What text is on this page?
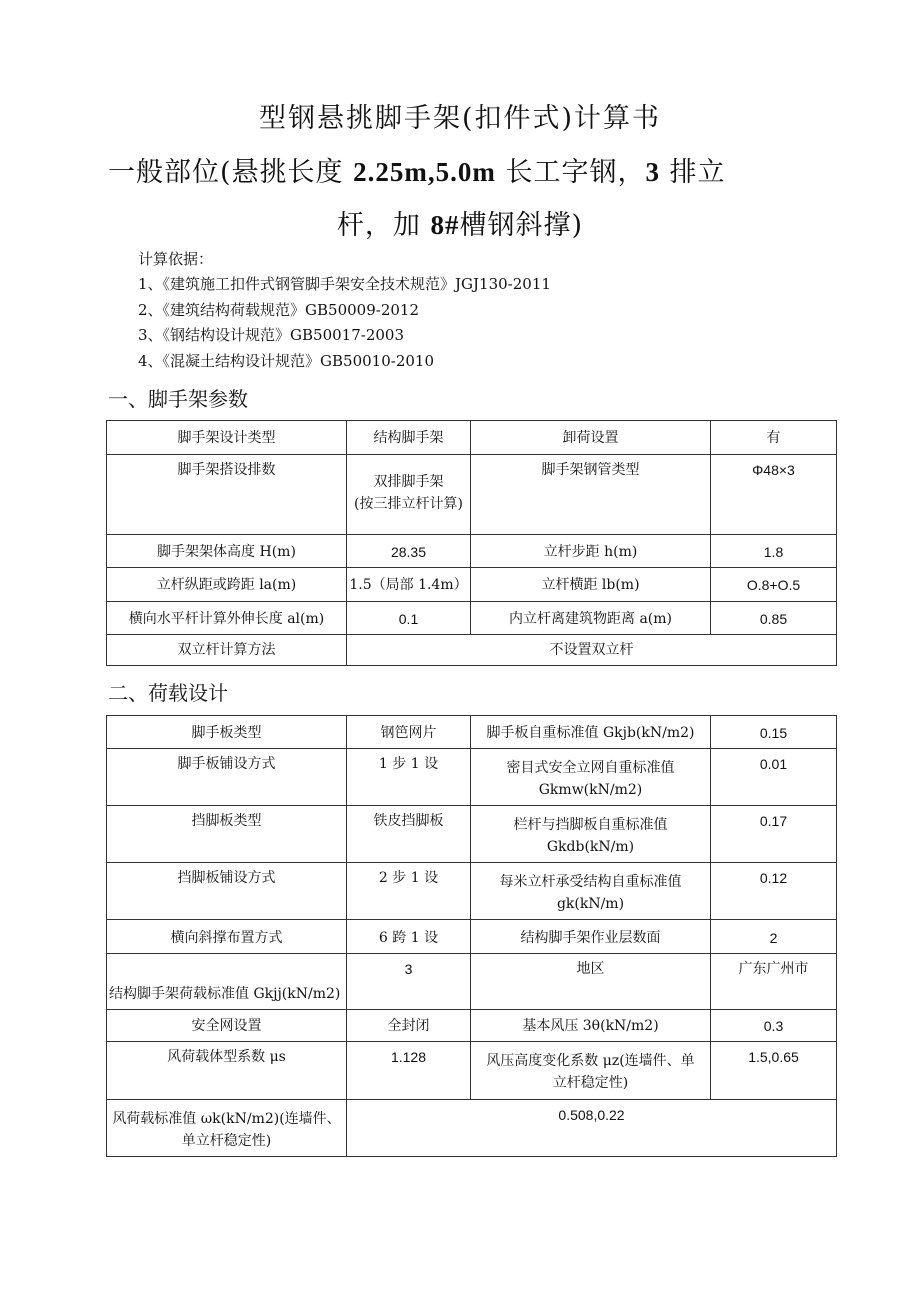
型钢悬挑脚手架(扣件式)计算书
一般部位(悬挑长度 2.25m,5.0m 长工字钢，3 排立
杆，加 8#槽钢斜撑)
计算依据：
1、《建筑施工扣件式钢管脚手架安全技术规范》JGJ130-2011
2、《建筑结构荷载规范》GB50009-2012
3、《钢结构设计规范》GB50017-2003
4、《混凝土结构设计规范》GB50010-2010
一、脚手架参数
脚手架设计类型	结构脚手架	卸荷设置	有
脚手架搭设排数	双排脚手架
(按三排立杆计算)	脚手架钢管类型	Φ48×3
脚手架架体高度 H(m)	28.35	立杆步距 h(m)	1.8
立杆纵距或跨距 la(m)	1.5（局部 1.4m）	立杆横距 lb(m)	O.8+O.5
横向水平杆计算外伸长度 al(m)	0.1	内立杆离建筑物距离 a(m)	0.85
双立杆计算方法	不设置双立杆		
二、荷载设计
脚手板类型	钢笆网片	脚手板自重标准值 Gkjb(kN∕m2)	0.15
脚手板铺设方式	1 步 1 设	密目式安全立网自重标准值
Gkmw(kN∕m2)	0.01
挡脚板类型	铁皮挡脚板	栏杆与挡脚板自重标准值
Gkdb(kN∕m)	0.17
挡脚板铺设方式	2 步 1 设	每米立杆承受结构自重标准值
gk(kN∕m)	0.12
横向斜撑布置方式	6 跨 1 设	结构脚手架作业层数面	2
结构脚手架荷载标准值 Gkjj(kN/m2)	3	地区	广东广州市
安全网设置	全封闭	基本风压 3θ(kN∕m2)	0.3
风荷载体型系数 μs	1.128	风压高度变化系数 μz(连墙件、单
立杆稳定性)	1.5,0.65

风荷载标准值 ωk(kN∕m2)(连墙件、
单立杆稳定性)	0.508,0.22		
